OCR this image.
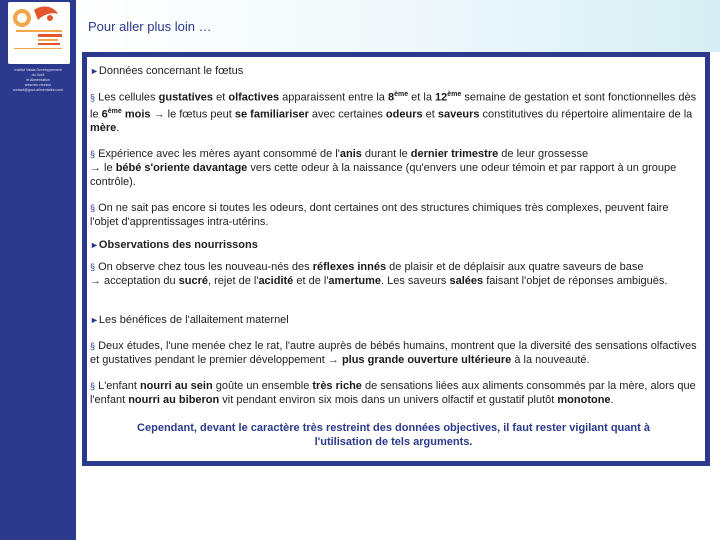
Institut Valais Developpement
du Goût
et Alimentation
www.etc-reunion
contact@gout-alimentation.com
Pour aller plus loin …
►Données concernant le fœtus

§ Les cellules gustatives et olfactives apparaissent entre la 8ème et la 12ème semaine de gestation et sont fonctionnelles dès le 6ème mois → le fœtus peut se familiariser avec certaines odeurs et saveurs constitutives du répertoire alimentaire de la mère.

§ Expérience avec les mères ayant consommé de l'anis durant le dernier trimestre de leur grossesse
→ le bébé s'oriente davantage vers cette odeur à la naissance (qu'envers une odeur témoin et par rapport à un groupe contrôle).

§ On ne sait pas encore si toutes les odeurs, dont certaines ont des structures chimiques très complexes, peuvent faire l'objet d'apprentissages intra-utérins.

►Observations des nourrissons

§ On observe chez tous les nouveau-nés des réflexes innés de plaisir et de déplaisir aux quatre saveurs de base
→ acceptation du sucré, rejet de l'acidité et de l'amertume. Les saveurs salées faisant l'objet de réponses ambiguës.

►Les bénéfices de l'allaitement maternel

§ Deux études, l'une menée chez le rat, l'autre auprès de bébés humains, montrent que la diversité des sensations olfactives et gustatives pendant le premier développement → plus grande ouverture ultérieure à la nouveauté.

§ L'enfant nourri au sein goûte un ensemble très riche de sensations liées aux aliments consommés par la mère, alors que l'enfant nourri au biberon vit pendant environ six mois dans un univers olfactif et gustatif plutôt monotone.

Cependant, devant le caractère très restreint des données objectives, il faut rester vigilant quant à l'utilisation de tels arguments.
